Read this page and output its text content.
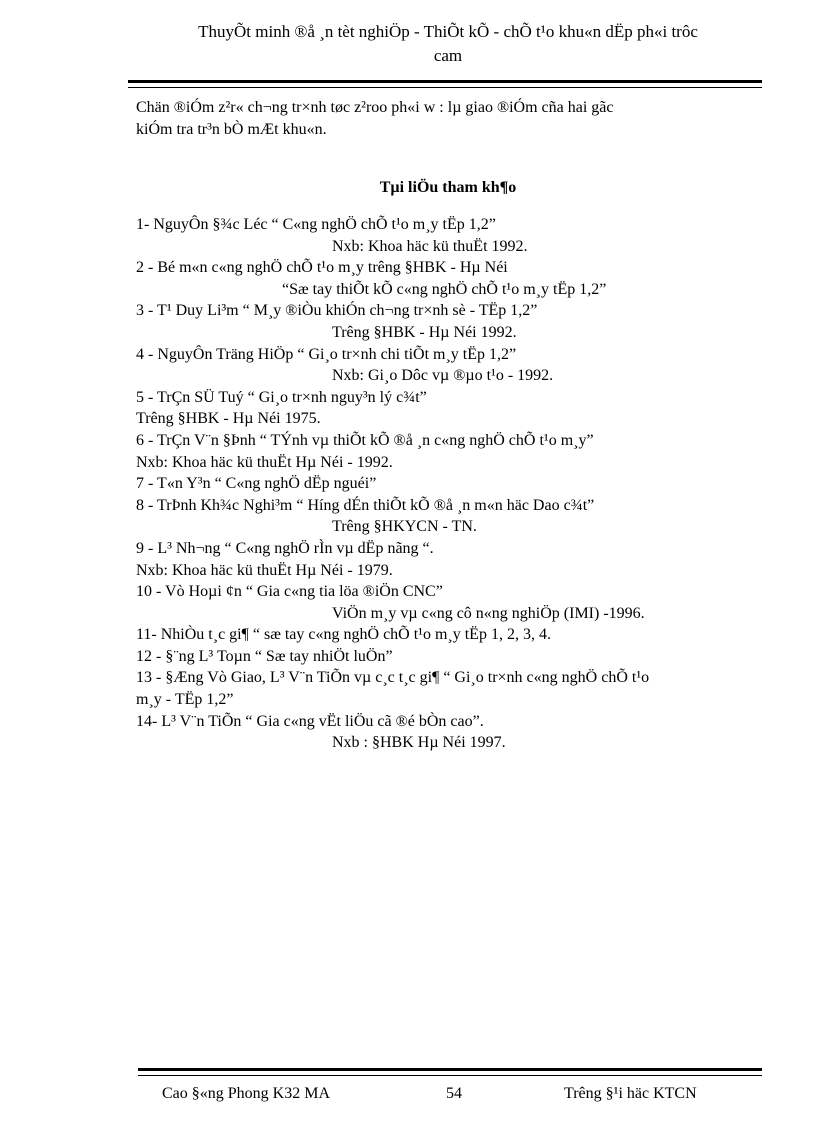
ThuyÕt minh ®å ¸n tèt nghiÖp - ThiÕt kÕ - chÕ t¹o khu«n dËp ph«i trôc
cam
Chän ®iÓm z²r« ch¬ng tr×nh tøc z²roo ph«i w : lµ giao ®iÓm cña hai gãc
kiÓm tra tr³n bÒ mÆt khu«n.
Tµi liÖu tham kh¶o
1- NguyÔn §¾c Léc “ C«ng nghÖ chÕ t¹o m¸y tËp 1,2”
Nxb: Khoa häc kü thuËt 1992.
2 - Bé m«n c«ng nghÖ chÕ t¹o m¸y trêng §HBK - Hµ Néi
“Sæ tay thiÕt kÕ c«ng nghÖ chÕ t¹o m¸y tËp 1,2”
3 - T¹ Duy Li³m “ M¸y ®iÒu khiÓn ch¬ng tr×nh sè - TËp 1,2”
Trêng §HBK - Hµ Néi 1992.
4 - NguyÔn Träng HiÖp “ Gi¸o tr×nh chi tiÕt m¸y tËp 1,2”
Nxb: Gi¸o Dôc vµ ®µo t¹o - 1992.
5 - TrÇn SÜ Tuý “ Gi¸o tr×nh nguy³n lý c¾t”
Trêng §HBK - Hµ Néi 1975.
6 - TrÇn V¨n §Þnh “ TÝnh vµ thiÕt kÕ ®å ¸n c«ng nghÖ chÕ t¹o m¸y”
Nxb: Khoa häc kü thuËt Hµ Néi - 1992.
7 - T«n Y³n “ C«ng nghÖ dËp nguéi”
8 - TrÞnh Kh¾c Nghi³m “ Híng dÉn thiÕt kÕ ®å ¸n m«n häc Dao c¾t”
Trêng §HKYCN - TN.
9 - L³ Nh¬ng “ C«ng nghÖ rÌn vµ dËp nãng “.
Nxb: Khoa häc kü thuËt Hµ Néi - 1979.
10 - Vò Hoµi ¢n “ Gia c«ng tia löa ®iÖn CNC”
ViÖn m¸y vµ c«ng cô n«ng nghiÖp (IMI) -1996.
11- NhiÒu t¸c gi¶ “ sæ tay c«ng nghÖ chÕ t¹o m¸y tËp 1, 2, 3, 4.
12 - §¨ng L³ Toµn “ Sæ tay nhiÖt luÖn”
13 - §Æng Vò Giao, L³ V¨n TiÕn vµ c¸c t¸c gi¶ “ Gi¸o tr×nh c«ng nghÖ chÕ t¹o
m¸y - TËp 1,2”
14- L³ V¨n TiÕn “ Gia c«ng vËt liÖu cã ®é bÒn cao”.
Nxb : §HBK Hµ Néi 1997.
Cao §«ng Phong K32 MA	54	Trêng §¹i häc KTCN
